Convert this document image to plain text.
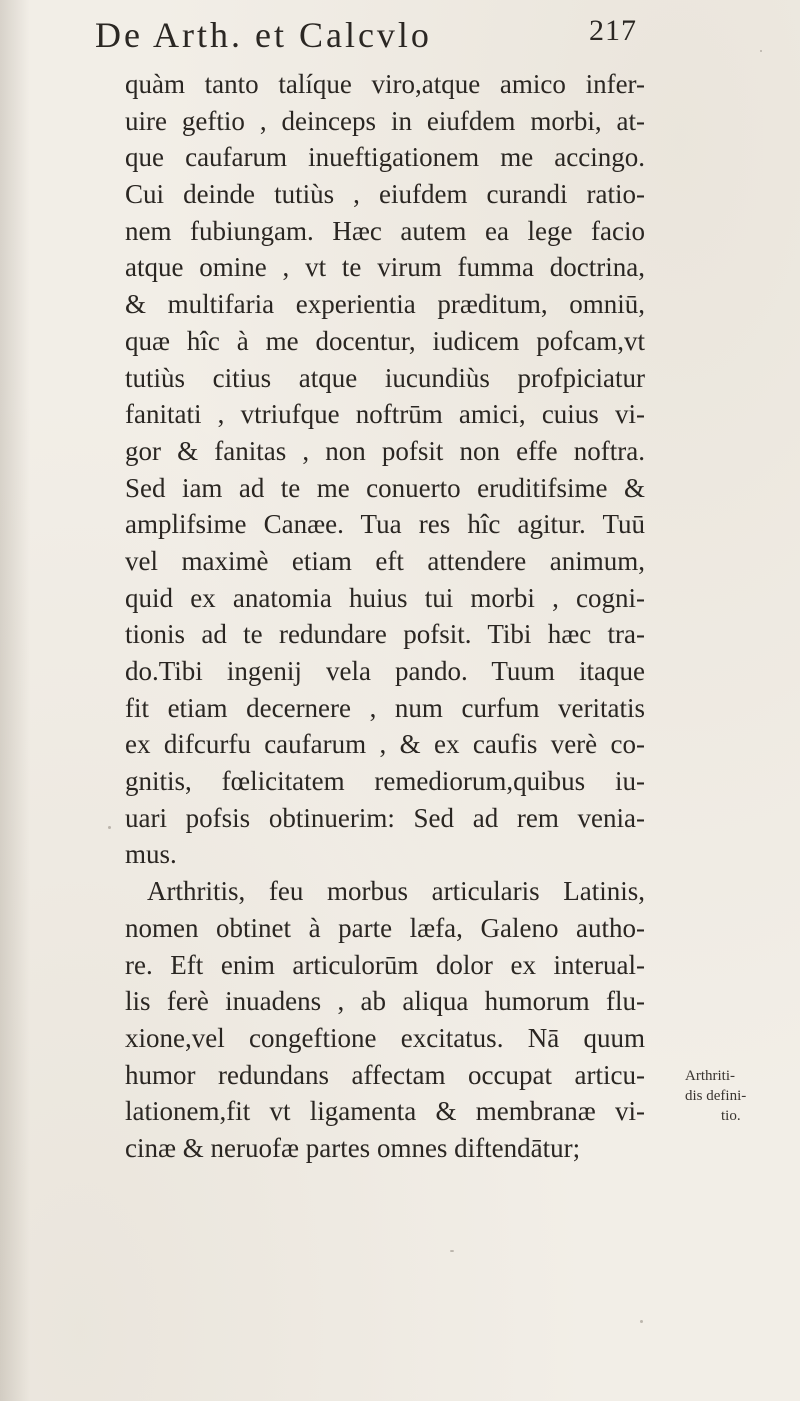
De Arth. et Calcvlo	217
quàm tanto talíque viro,atque amico infer-
uire geftio , deinceps in eiufdem morbi, at-
que caufarum inueftigationem me accingo.
Cui deinde tutiùs , eiufdem curandi ratio-
nem fubiungam. Hæc autem ea lege facio
atque omine , vt te virum fumma doctrina,
& multifaria experientia præditum, omniū,
quæ hîc à me docentur, iudicem pofcam,vt
tutiùs citius atque iucundiùs profpiciatur
fanitati , vtriufque noftrūm amici, cuius vi-
gor & fanitas , non pofsit non effe noftra.
Sed iam ad te me conuerto eruditifsime &
amplifsime Canæe. Tua res hîc agitur. Tuū
vel maximè etiam eft attendere animum,
quid ex anatomia huius tui morbi , cogni-
tionis ad te redundare pofsit. Tibi hæc tra-
do.Tibi ingenij vela pando. Tuum itaque
fit etiam decernere , num curfum veritatis
ex difcurfu caufarum , & ex caufis verè co-
gnitis, fœlicitatem remediorum,quibus iu-
uari pofsis obtinuerim: Sed ad rem venia-
mus.
Arthritis, feu morbus articularis Latinis,
nomen obtinet à parte læfa, Galeno autho-
re. Eft enim articulorūm dolor ex interual-
lis ferè inuadens , ab aliqua humorum flu-
xione,vel congeftione excitatus. Nā quum
humor redundans affectam occupat articu-
lationem,fit vt ligamenta & membranæ vi-
cinæ & neruofæ partes omnes diftendātur;
Arthriti-
dis defini-
tio.
